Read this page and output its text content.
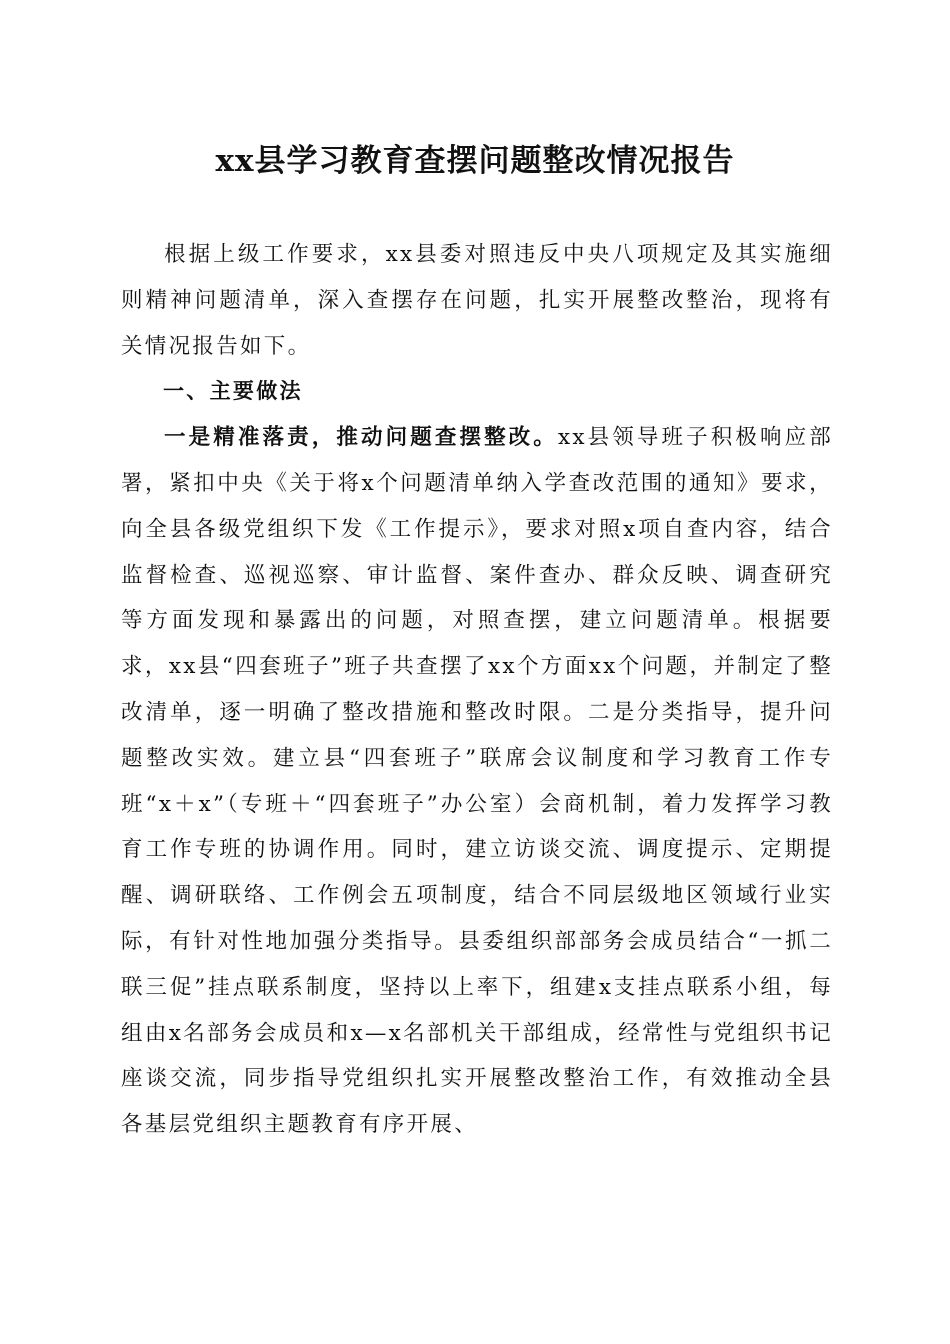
xx县学习教育查摆问题整改情况报告

根据上级工作要求，xx县委对照违反中央八项规定及其实施细则精神问题清单，深入查摆存在问题，扎实开展整改整治，现将有关情况报告如下。

一、主要做法

一是精准落责，推动问题查摆整改。xx县领导班子积极响应部署，紧扣中央《关于将x个问题清单纳入学查改范围的通知》要求，向全县各级党组织下发《工作提示》，要求对照x项自查内容，结合监督检查、巡视巡察、审计监督、案件查办、群众反映、调查研究等方面发现和暴露出的问题，对照查摆，建立问题清单。根据要求，xx县“四套班子”班子共查摆了xx个方面xx个问题，并制定了整改清单，逐一明确了整改措施和整改时限。二是分类指导，提升问题整改实效。建立县“四套班子”联席会议制度和学习教育工作专班“x＋x”（专班＋“四套班子”办公室）会商机制，着力发挥学习教育工作专班的协调作用。同时，建立访谈交流、调度提示、定期提醒、调研联络、工作例会五项制度，结合不同层级地区领域行业实际，有针对性地加强分类指导。县委组织部部务会成员结合“一抓二联三促”挂点联系制度，坚持以上率下，组建x支挂点联系小组，每组由x名部务会成员和x—x名部机关干部组成，经常性与党组织书记座谈交流，同步指导党组织扎实开展整改整治工作，有效推动全县各基层党组织主题教育有序开展、
